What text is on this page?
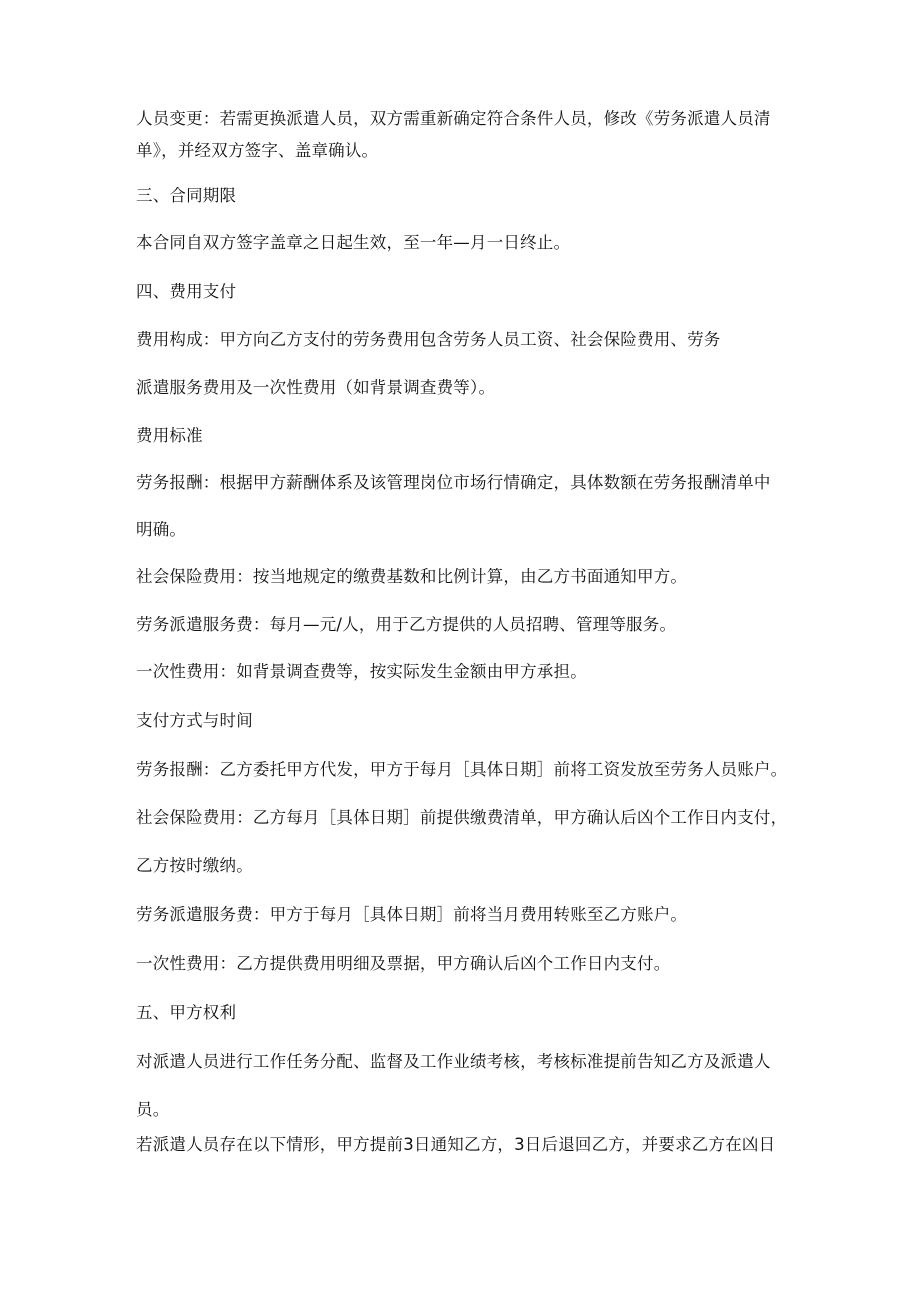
人员变更：若需更换派遣人员，双方需重新确定符合条件人员，修改《劳务派遣人员清
单》，并经双方签字、盖章确认。
三、合同期限
本合同自双方签字盖章之日起生效，至一年—月一日终止。
四、费用支付
费用构成：甲方向乙方支付的劳务费用包含劳务人员工资、社会保险费用、劳务
派遣服务费用及一次性费用（如背景调查费等）。
费用标准
劳务报酬：根据甲方薪酬体系及该管理岗位市场行情确定，具体数额在劳务报酬清单中
明确。
社会保险费用：按当地规定的缴费基数和比例计算，由乙方书面通知甲方。
劳务派遣服务费：每月—元/人，用于乙方提供的人员招聘、管理等服务。
一次性费用：如背景调查费等，按实际发生金额由甲方承担。
支付方式与时间
劳务报酬：乙方委托甲方代发，甲方于每月［具体日期］前将工资发放至劳务人员账户。
社会保险费用：乙方每月［具体日期］前提供缴费清单，甲方确认后凶个工作日内支付，
乙方按时缴纳。
劳务派遣服务费：甲方于每月［具体日期］前将当月费用转账至乙方账户。
一次性费用：乙方提供费用明细及票据，甲方确认后凶个工作日内支付。
五、甲方权利
对派遣人员进行工作任务分配、监督及工作业绩考核，考核标准提前告知乙方及派遣人
员。
若派遣人员存在以下情形，甲方提前3日通知乙方，3日后退回乙方，并要求乙方在凶日
